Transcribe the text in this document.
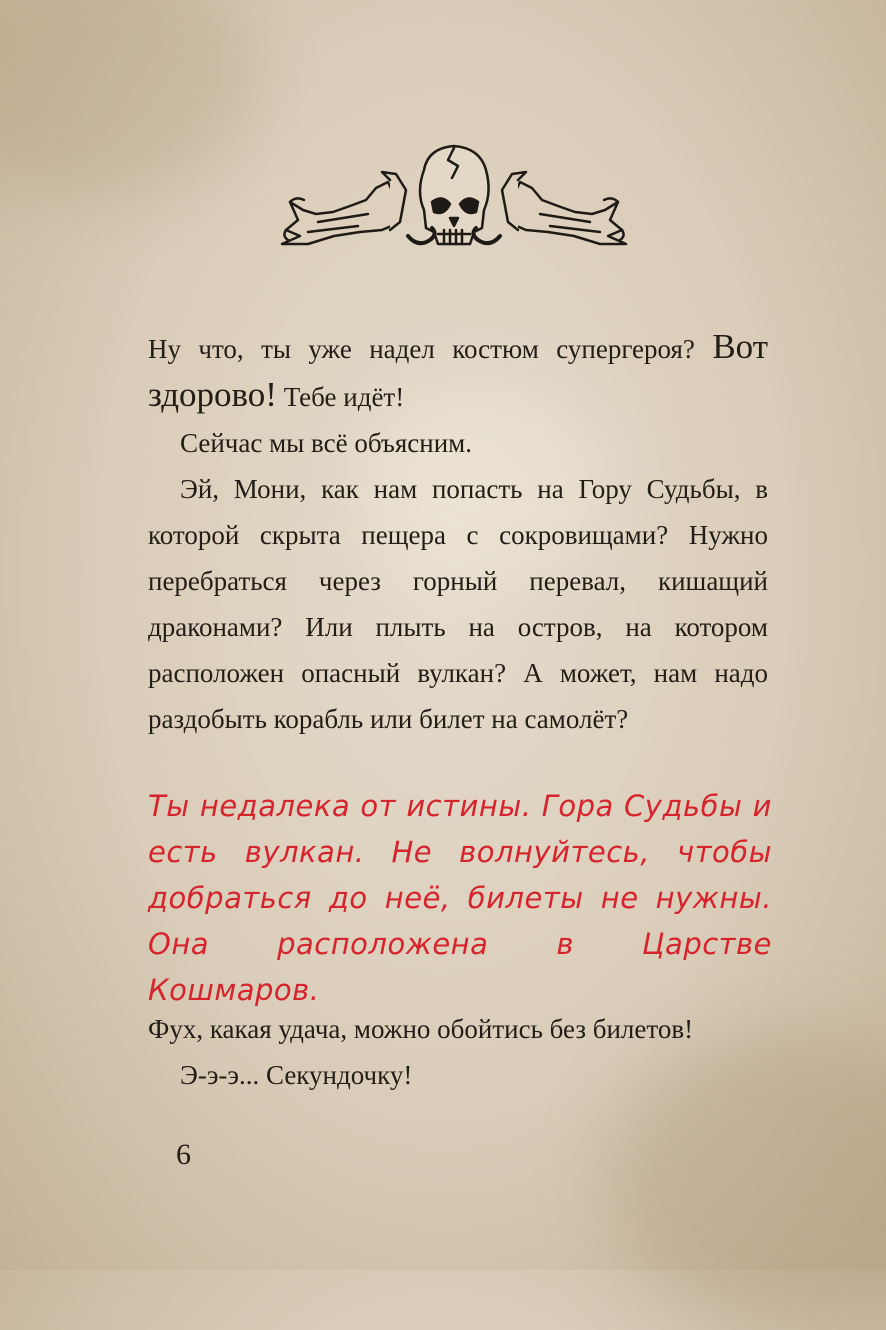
Ну что, ты уже надел костюм супергероя? Вот здорово! Тебе идёт!

Сейчас мы всё объясним.

Эй, Мони, как нам попасть на Гору Судьбы, в которой скрыта пещера с сокровищами? Нужно перебраться через горный перевал, кишащий драконами? Или плыть на остров, на котором расположен опасный вулкан? А может, нам надо раздобыть корабль или билет на самолёт?

Ты недалека от истины. Гора Судьбы и есть вулкан. Не волнуйтесь, чтобы добраться до неё, билеты не нужны. Она расположена в Царстве Кошмаров.

Фух, какая удача, можно обойтись без билетов!

Э-э-э... Секундочку!

6
